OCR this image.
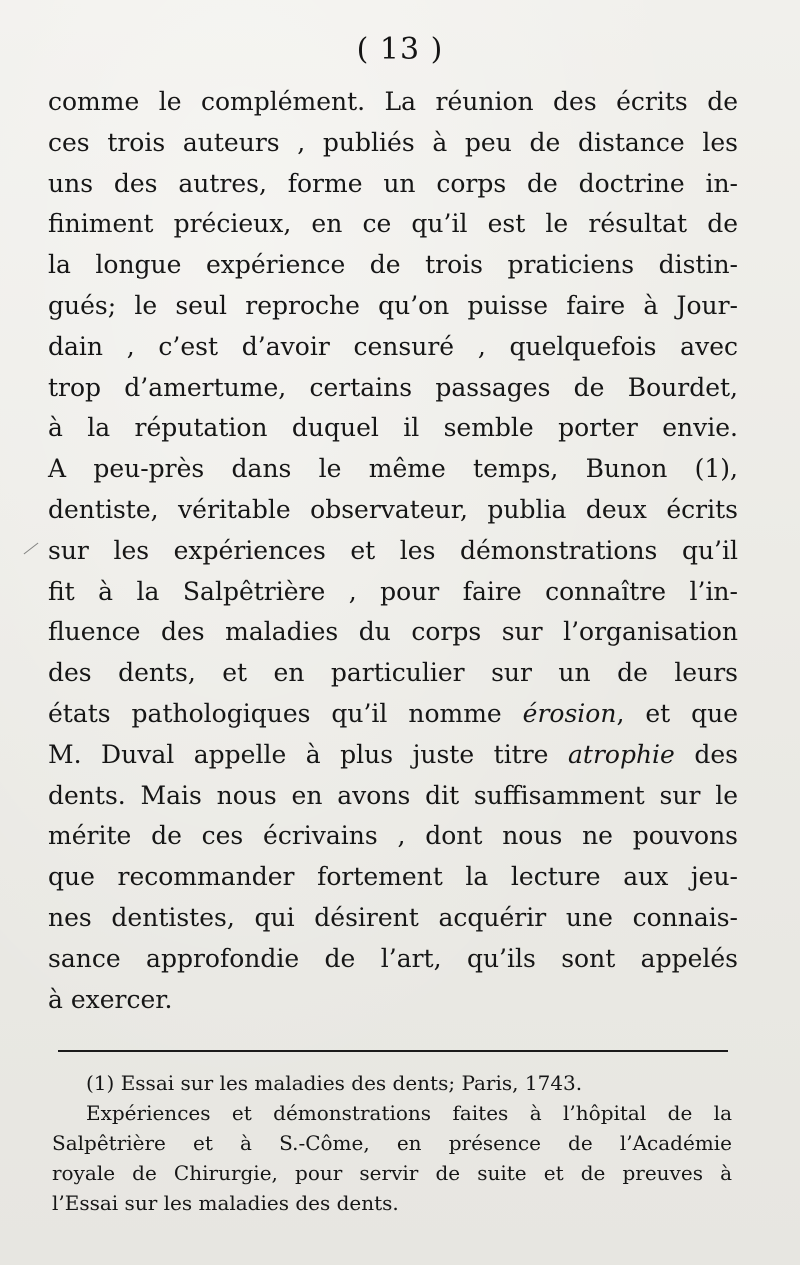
( 13 )
comme le complément. La réunion des écrits de
ces trois auteurs , publiés à peu de distance les
uns des autres, forme un corps de doctrine in-
finiment précieux, en ce qu’il est le résultat de
la longue expérience de trois praticiens distin-
gués; le seul reproche qu’on puisse faire à Jour-
dain , c’est d’avoir censuré , quelquefois avec
trop d’amertume, certains passages de Bourdet,
à la réputation duquel il semble porter envie.
A peu-près dans le même temps, Bunon (1),
dentiste, véritable observateur, publia deux écrits
sur les expériences et les démonstrations qu’il
fit à la Salpêtrière , pour faire connaître l’in-
fluence des maladies du corps sur l’organisation
des dents, et en particulier sur un de leurs
états pathologiques qu’il nomme érosion, et que
M. Duval appelle à plus juste titre atrophie des
dents. Mais nous en avons dit suffisamment sur le
mérite de ces écrivains , dont nous ne pouvons
que recommander fortement la lecture aux jeu-
nes dentistes, qui désirent acquérir une connais-
sance approfondie de l’art, qu’ils sont appelés
à exercer.
(1) Essai sur les maladies des dents; Paris, 1743.
Expériences et démonstrations faites à l’hôpital de la
Salpêtrière et à S.-Côme, en présence de l’Académie
royale de Chirurgie, pour servir de suite et de preuves à
l’Essai sur les maladies des dents.
